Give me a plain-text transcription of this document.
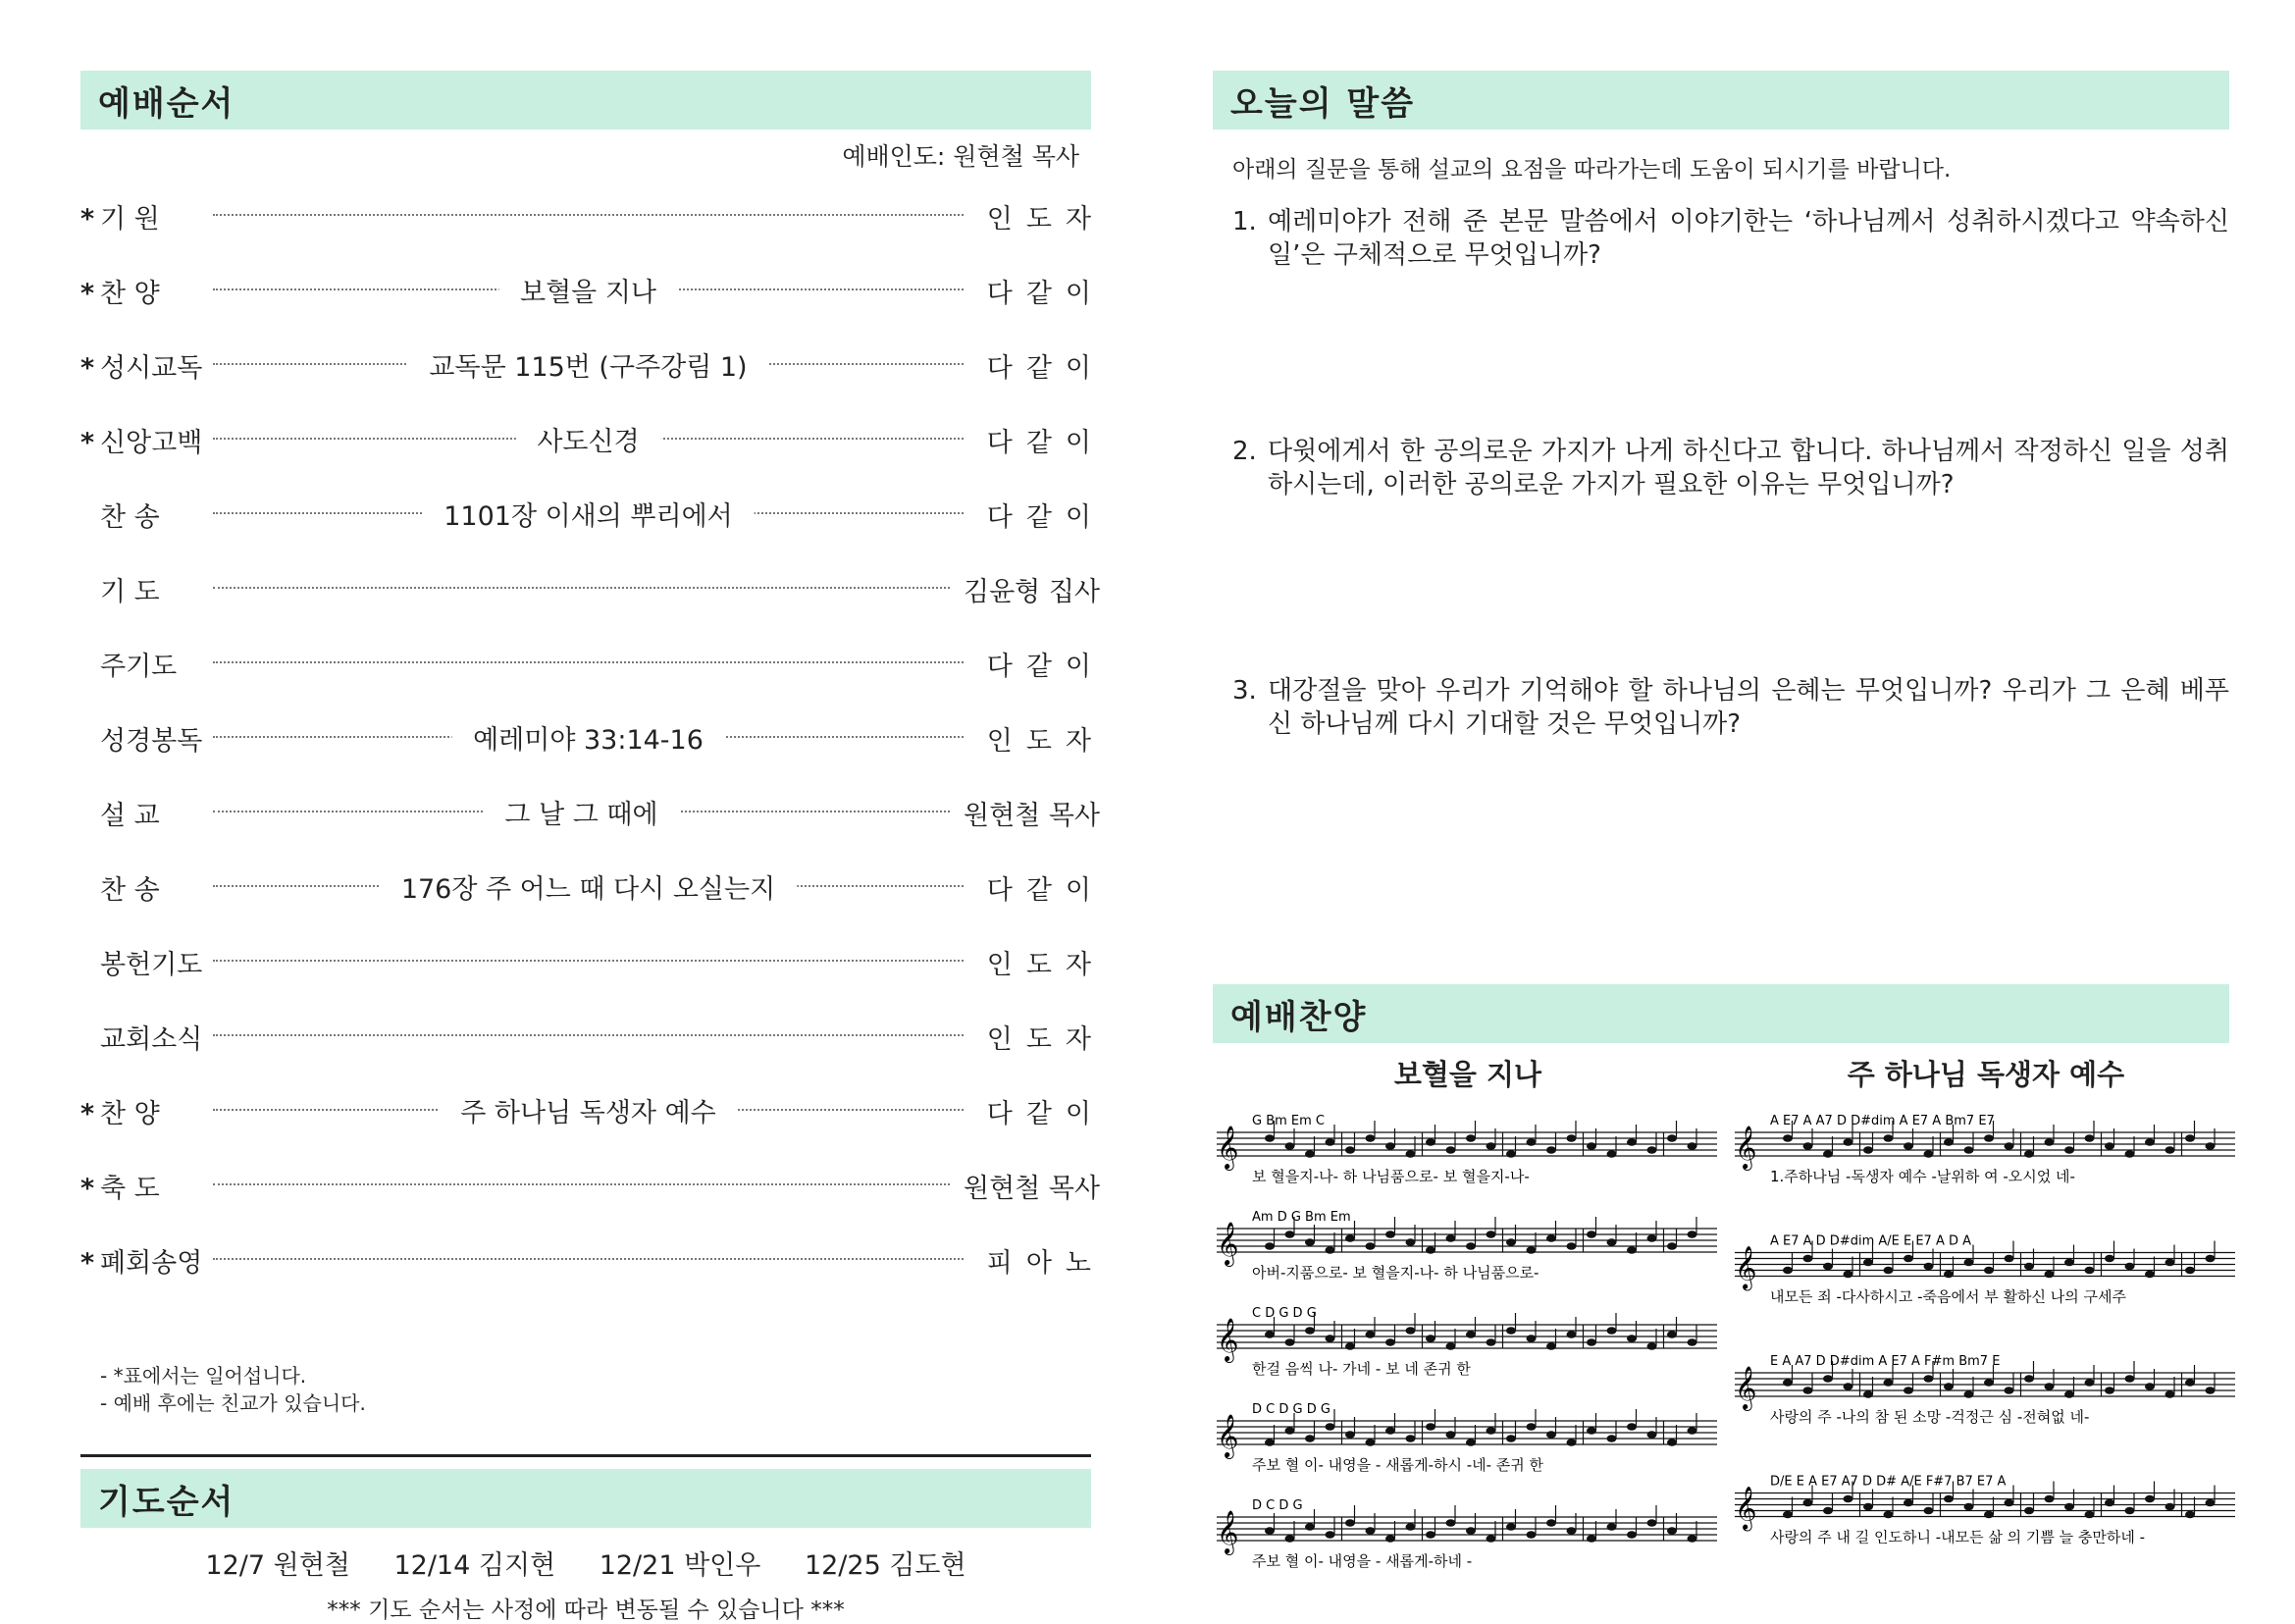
예배순서
예배인도: 원현철 목사
* 기 원	인도자
* 찬 양	보혈을 지나	다같이
* 성시교독	교독문 115번 (구주강림 1)	다같이
* 신앙고백	사도신경	다같이
찬 송	1101장 이새의 뿌리에서	다같이
기 도	김윤형 집사
주기도	다같이
성경봉독	예레미야 33:14-16	인도자
설 교	그 날 그 때에	원현철 목사
찬 송	176장 주 어느 때 다시 오실는지	다같이
봉헌기도	인도자
교회소식	인도자
* 찬 양	주 하나님 독생자 예수	다같이
* 축 도	원현철 목사
* 폐회송영	피아노
- *표에서는 일어섭니다.
- 예배 후에는 친교가 있습니다.
기도순서
12/7 원현철 12/14 김지현 12/21 박인우 12/25 김도현
*** 기도 순서는 사정에 따라 변동될 수 있습니다 ***
오늘의 말씀
아래의 질문을 통해 설교의 요점을 따라가는데 도움이 되시기를 바랍니다.
1. 예레미야가 전해 준 본문 말씀에서 이야기한는 ‘하나님께서 성취하시겠다고 약속하신 일’은 구체적으로 무엇입니까?
2. 다윗에게서 한 공의로운 가지가 나게 하신다고 합니다. 하나님께서 작정하신 일을 성취하시는데, 이러한 공의로운 가지가 필요한 이유는 무엇입니까?
3. 대강절을 맞아 우리가 기억해야 할 하나님의 은혜는 무엇입니까? 우리가 그 은혜 베푸신 하나님께 다시 기대할 것은 무엇입니까?
예배찬양
보혈을 지나
G Bm Em C
𝄞
보 혈을지-나- 하 나님품으로- 보 혈을지-나-
Am D G Bm Em
𝄞
아버-지품으로- 보 혈을지-나- 하 나님품으로-
C D G D G
𝄞
한걸 음씩 나- 가네 - 보 네 존귀 한
D C D G D G
𝄞
주보 혈 이- 내영을 - 새롭게-하시 -네- 존귀 한
D C D G
𝄞
주보 혈 이- 내영을 - 새롭게-하네 -
주 하나님 독생자 예수
A E7 A A7 D D#dim A E7 A Bm7 E7
𝄞
1.주하나님 -독생자 예수 -날위하 여 -오시었 네-
A E7 A D D#dim A/E E E7 A D A
𝄞
내모든 죄 -다사하시고 -죽음에서 부 활하신 나의 구세주
E A A7 D D#dim A E7 A F#m Bm7 E
𝄞
사랑의 주 -나의 참 된 소망 -걱정근 심 -전혀없 네-
D/E E A E7 A7 D D# A/E F#7 B7 E7 A
𝄞
사랑의 주 내 길 인도하니 -내모든 삶 의 기쁨 늘 충만하네 -
